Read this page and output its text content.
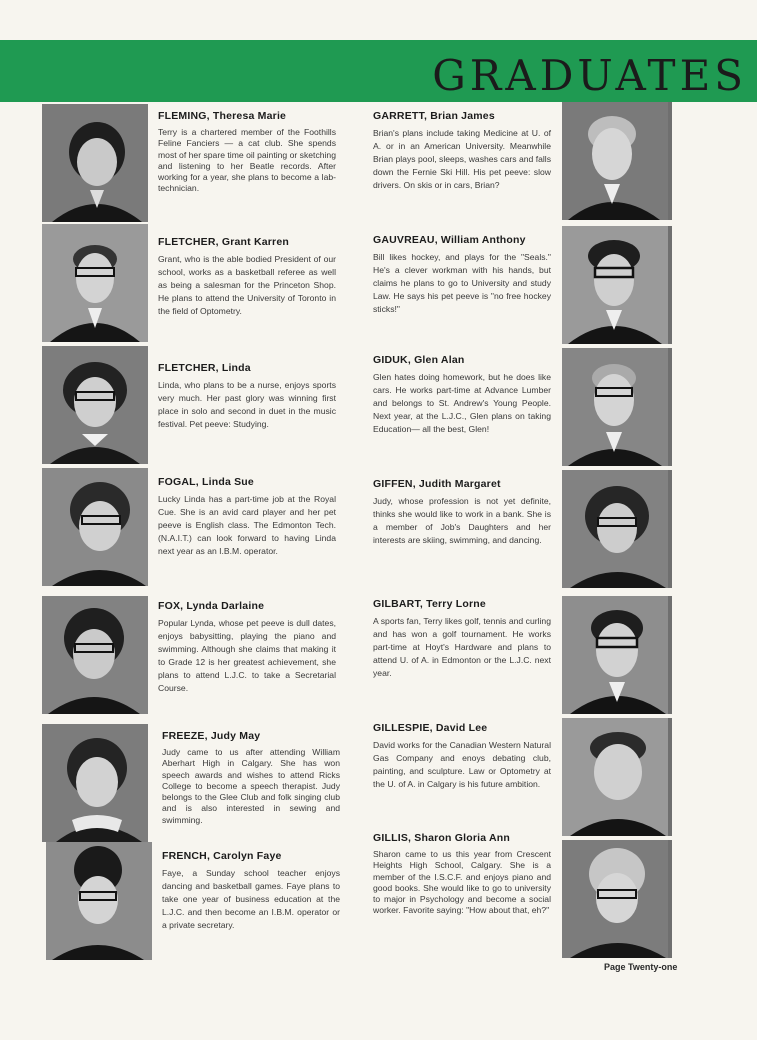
GRADUATES
FLEMING, Theresa Marie

Terry is a chartered member of the Foothills Feline Fanciers — a cat club. She spends most of her spare time oil painting or sketching and listening to her Beatle records. After working for a year, she plans to become a lab-technician.

FLETCHER, Grant Karren

Grant, who is the able bodied President of our school, works as a basketball referee as well as being a salesman for the Princeton Shop. He plans to attend the University of Toronto in the field of Optometry.

FLETCHER, Linda

Linda, who plans to be a nurse, enjoys sports very much. Her past glory was winning first place in solo and second in duet in the music festival. Pet peeve: Studying.

FOGAL, Linda Sue

Lucky Linda has a part-time job at the Royal Cue. She is an avid card player and her pet peeve is English class. The Edmonton Tech. (N.A.I.T.) can look forward to having Linda next year as an I.B.M. operator.

FOX, Lynda Darlaine

Popular Lynda, whose pet peeve is dull dates, enjoys babysitting, playing the piano and swimming. Although she claims that making it to Grade 12 is her greatest achievement, she plans to attend L.J.C. to take a Secretarial Course.

FREEZE, Judy May

Judy came to us after attending William Aberhart High in Calgary. She has won speech awards and wishes to attend Ricks College to become a speech therapist. Judy belongs to the Glee Club and folk singing club and is also interested in sewing and swimming.

FRENCH, Carolyn Faye

Faye, a Sunday school teacher enjoys dancing and basketball games. Faye plans to take one year of business education at the L.J.C. and then become an I.B.M. operator or a private secretary.

GARRETT, Brian James

Brian's plans include taking Medicine at U. of A. or in an American University. Meanwhile Brian plays pool, sleeps, washes cars and falls down the Fernie Ski Hill. His pet peeve: slow drivers. On skis or in cars, Brian?

GAUVREAU, William Anthony

Bill likes hockey, and plays for the "Seals." He's a clever workman with his hands, but claims he plans to go to University and study Law. He says his pet peeve is "no free hockey sticks!"

GIDUK, Glen Alan

Glen hates doing homework, but he does like cars. He works part-time at Advance Lumber and belongs to St. Andrew's Young People. Next year, at the L.J.C., Glen plans on taking Education— all the best, Glen!

GIFFEN, Judith Margaret

Judy, whose profession is not yet definite, thinks she would like to work in a bank. She is a member of Job's Daughters and her interests are skiing, swimming, and dancing.

GILBART, Terry Lorne

A sports fan, Terry likes golf, tennis and curling and has won a golf tournament. He works part-time at Hoyt's Hardware and plans to attend U. of A. in Edmonton or the L.J.C. next year.

GILLESPIE, David Lee

David works for the Canadian Western Natural Gas Company and enoys debating club, painting, and sculpture. Law or Optometry at the U. of A. in Calgary is his future ambition.

GILLIS, Sharon Gloria Ann

Sharon came to us this year from Crescent Heights High School, Calgary. She is a member of the I.S.C.F. and enjoys piano and good books. She would like to go to university to major in Psychology and become a social worker. Favorite saying: "How about that, eh?"

Page Twenty-one
